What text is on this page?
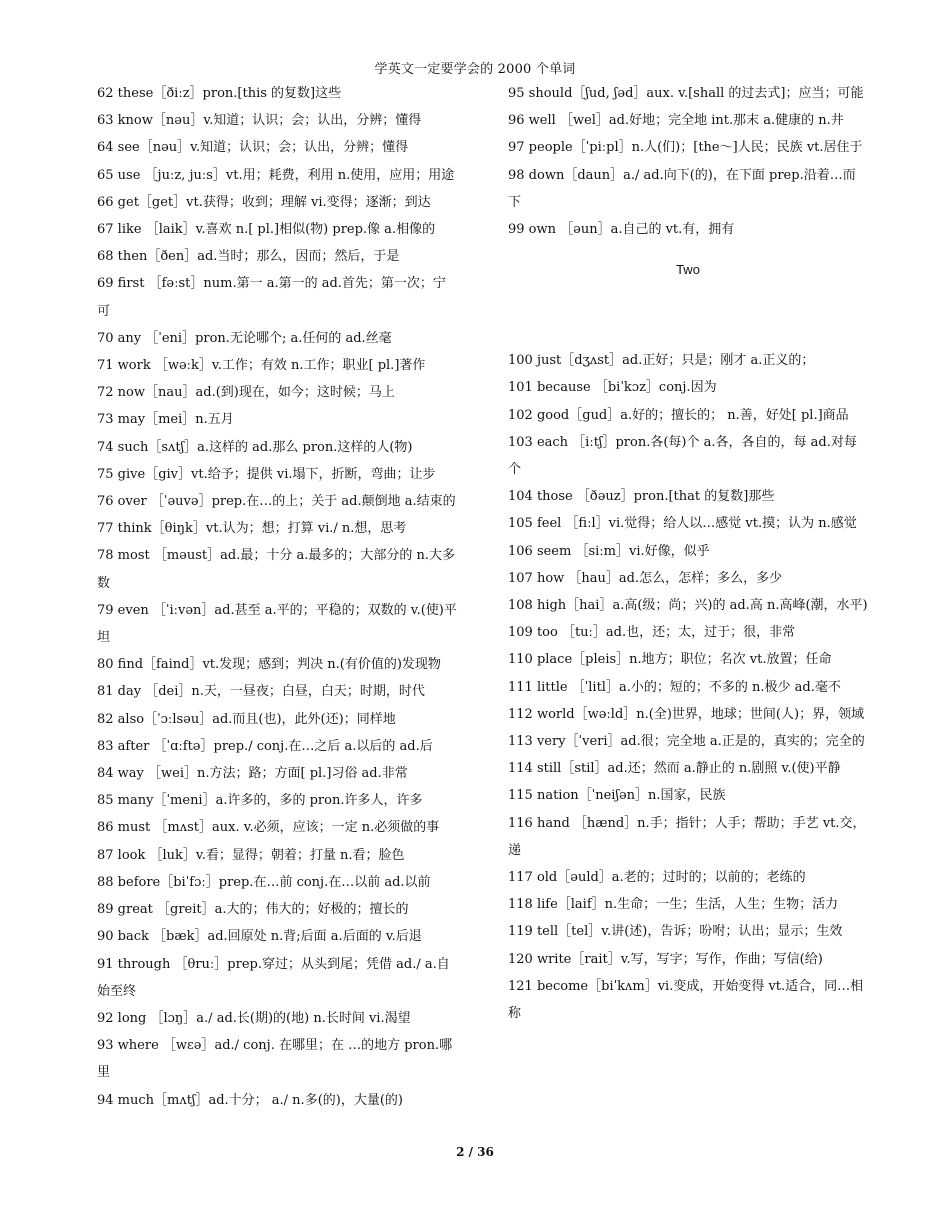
学英文一定要学会的 2000 个单词

62 these［ðiːz］pron.[this 的复数]这些

63 know［nəu］v.知道；认识；会；认出，分辨；懂得

64 see［nəu］v.知道；认识；会；认出，分辨；懂得

65 use ［juːz, juːs］vt.用；耗费，利用 n.使用，应用；用途

66 get［get］vt.获得；收到；理解 vi.变得；逐渐；到达

67 like ［laik］v.喜欢 n.[ pl.]相似(物) prep.像 a.相像的

68 then［ðen］ad.当时；那么，因而；然后，于是

69 first ［fəːst］num.第一 a.第一的 ad.首先；第一次；宁可

70 any ［ˈeni］pron.无论哪个; a.任何的 ad.丝毫

71 work ［wəːk］v.工作；有效 n.工作；职业[ pl.]著作

72 now［nau］ad.(到)现在，如今；这时候；马上

73 may［mei］n.五月

74 such［sʌtʃ］a.这样的 ad.那么 pron.这样的人(物)

75 give［giv］vt.给予；提供 vi.塌下，折断，弯曲；让步

76 over ［ˈəuvə］prep.在…的上；关于 ad.颠倒地 a.结束的

77 think［θiŋk］vt.认为；想；打算 vi./ n.想，思考

78 most ［məust］ad.最；十分 a.最多的；大部分的 n.大多数

79 even ［ˈiːvən］ad.甚至 a.平的；平稳的；双数的 v.(使)平坦

80 find［faind］vt.发现；感到；判决 n.(有价值的)发现物

81 day ［dei］n.天，一昼夜；白昼，白天；时期，时代

82 also［ˈɔːlsəu］ad.而且(也)，此外(还)；同样地

83 after ［ˈɑːftə］prep./ conj.在…之后 a.以后的 ad.后

84 way ［wei］n.方法；路；方面[ pl.]习俗 ad.非常

85 many［ˈmeni］a.许多的，多的 pron.许多人，许多

86 must ［mʌst］aux. v.必须，应该；一定 n.必须做的事

87 look ［luk］v.看；显得；朝着；打量 n.看；脸色

88 before［biˈfɔː］prep.在…前 conj.在…以前 ad.以前

89 great ［greit］a.大的；伟大的；好极的；擅长的

90 back ［bæk］ad.回原处 n.背;后面 a.后面的 v.后退

91 through ［θruː］prep.穿过；从头到尾；凭借 ad./ a.自始至终

92 long ［lɔŋ］a./ ad.长(期)的(地) n.长时间 vi.渴望

93 where ［wɛə］ad./ conj. 在哪里；在 …的地方 pron.哪里

94 much［mʌtʃ］ad.十分； a./ n.多(的)，大量(的)

95 should［ʃud, ʃəd］aux. v.[shall 的过去式]；应当；可能

96 well ［wel］ad.好地；完全地 int.那末 a.健康的 n.井

97 people［ˈpiːpl］n.人(们)；[the～]人民；民族 vt.居住于

98 down［daun］a./ ad.向下(的)，在下面 prep.沿着…而下

99 own ［əun］a.自己的 vt.有，拥有

Two

100 just［dʒʌst］ad.正好；只是；刚才 a.正义的；

101 because ［biˈkɔz］conj.因为

102 good［gud］a.好的；擅长的； n.善，好处[ pl.]商品

103 each ［iːtʃ］pron.各(每)个 a.各，各自的，每 ad.对每个

104 those ［ðəuz］pron.[that 的复数]那些

105 feel ［fiːl］vi.觉得；给人以…感觉 vt.摸；认为 n.感觉

106 seem ［siːm］vi.好像，似乎

107 how ［hau］ad.怎么，怎样；多么，多少

108 high［hai］a.高(级；尚；兴)的 ad.高 n.高峰(潮，水平)

109 too ［tuː］ad.也，还；太，过于；很，非常

110 place［pleis］n.地方；职位；名次 vt.放置；任命

111 little ［ˈlitl］a.小的；短的；不多的 n.极少 ad.毫不

112 world［wəːld］n.(全)世界，地球；世间(人)；界，领域

113 very［ˈveri］ad.很；完全地 a.正是的，真实的；完全的

114 still［stil］ad.还；然而 a.静止的 n.剧照 v.(使)平静

115 nation［ˈneiʃən］n.国家，民族

116 hand ［hænd］n.手；指针；人手；帮助；手艺 vt.交，递

117 old［əuld］a.老的；过时的；以前的；老练的

118 life［laif］n.生命；一生；生活，人生；生物；活力

119 tell［tel］v.讲(述)，告诉；吩咐；认出；显示；生效

120 write［rait］v.写，写字；写作，作曲；写信(给)

121 become［biˈkʌm］vi.变成，开始变得 vt.适合，同…相称

2 / 36
